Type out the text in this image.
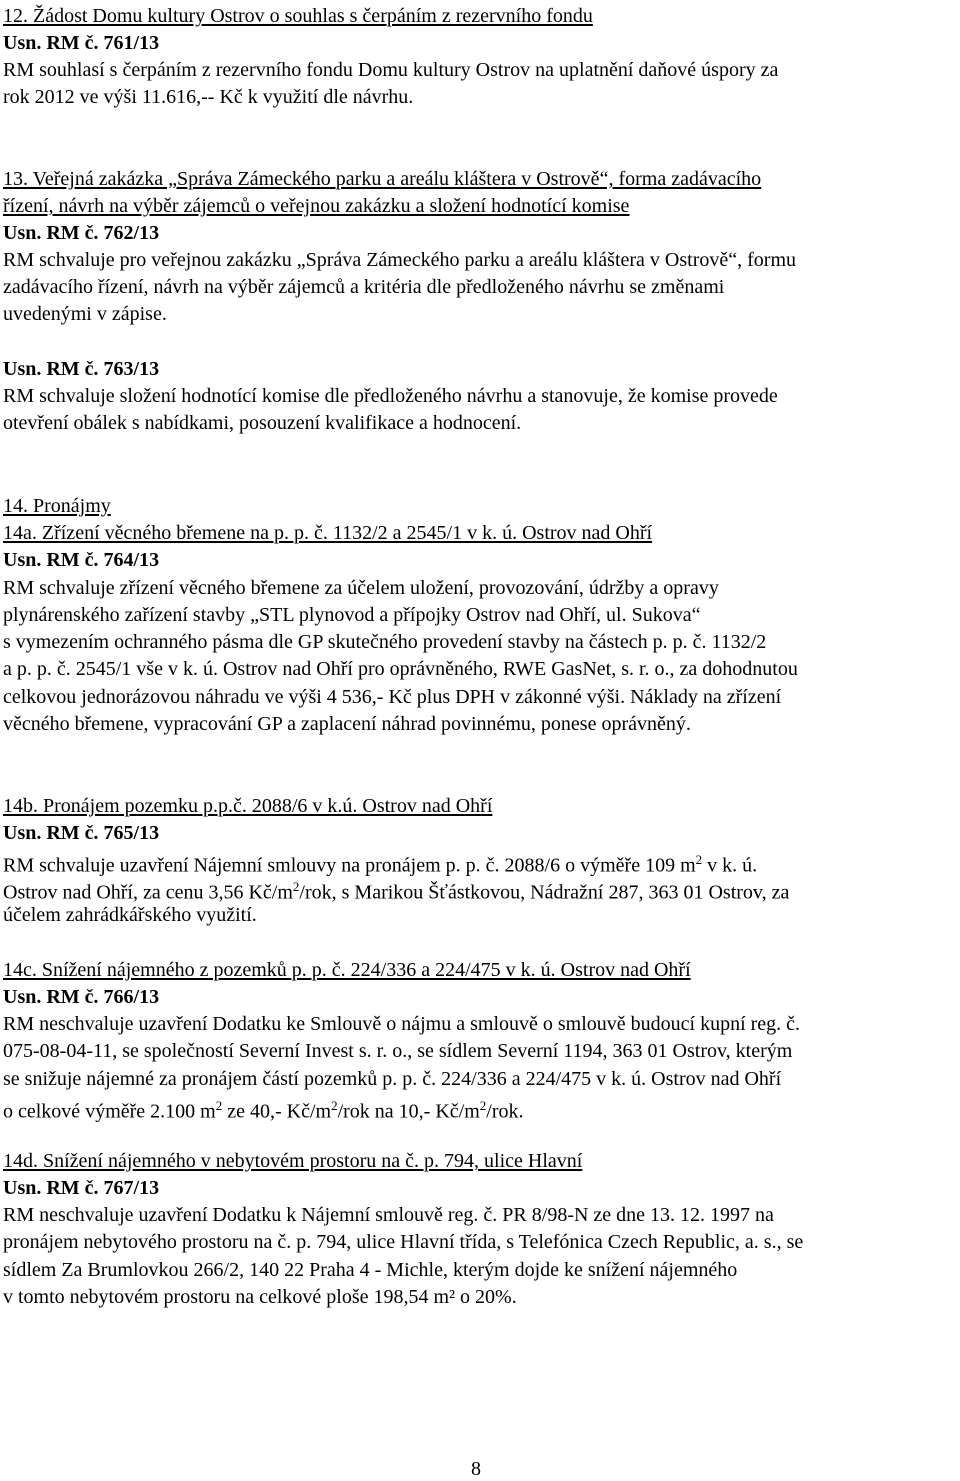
12. Žádost Domu kultury Ostrov o souhlas s čerpáním z rezervního fondu
Usn. RM č. 761/13
RM souhlasí s čerpáním z rezervního fondu Domu kultury Ostrov na uplatnění daňové úspory za
rok 2012 ve výši 11.616,-- Kč k využití dle návrhu.
13. Veřejná zakázka „Správa Zámeckého parku a areálu kláštera v Ostrově“, forma zadávacího
řízení, návrh na výběr zájemců o veřejnou zakázku a složení hodnotící komise
Usn. RM č. 762/13
RM schvaluje pro veřejnou zakázku „Správa Zámeckého parku a areálu kláštera v Ostrově“, formu
zadávacího řízení, návrh na výběr zájemců a kritéria dle předloženého návrhu se změnami
uvedenými v zápise.
Usn. RM č. 763/13
RM schvaluje složení hodnotící komise dle předloženého návrhu a stanovuje, že komise provede
otevření obálek s nabídkami, posouzení kvalifikace a hodnocení.
14. Pronájmy
14a. Zřízení věcného břemene na p. p. č. 1132/2 a 2545/1 v k. ú. Ostrov nad Ohří
Usn. RM č. 764/13
RM schvaluje zřízení věcného břemene za účelem uložení, provozování, údržby a opravy
plynárenského zařízení stavby „STL plynovod a přípojky Ostrov nad Ohří, ul. Sukova“
s vymezením ochranného pásma dle GP skutečného provedení stavby na částech p. p. č. 1132/2
a p. p. č. 2545/1 vše v k. ú. Ostrov nad Ohří pro oprávněného, RWE GasNet, s. r. o., za dohodnutou
celkovou jednorázovou náhradu ve výši 4 536,- Kč plus DPH v zákonné výši. Náklady na zřízení
věcného břemene, vypracování GP a zaplacení náhrad povinnému, ponese oprávněný.
14b. Pronájem pozemku p.p.č. 2088/6 v k.ú. Ostrov nad Ohří
Usn. RM č. 765/13
RM schvaluje uzavření Nájemní smlouvy na pronájem p. p. č. 2088/6 o výměře 109 $m^2$ v k. ú.
Ostrov nad Ohří, za cenu 3,56 $Kč/m^2$/rok, s Marikou Šťástkovou, Nádražní 287, 363 01 Ostrov, za
účelem zahrádkářského využití.
14c. Snížení nájemného z pozemků p. p. č. 224/336 a 224/475 v k. ú. Ostrov nad Ohří
Usn. RM č. 766/13
RM neschvaluje uzavření Dodatku ke Smlouvě o nájmu a smlouvě o smlouvě budoucí kupní reg. č.
075-08-04-11, se společností Severní Invest s. r. o., se sídlem Severní 1194, 363 01 Ostrov, kterým
se snižuje nájemné za pronájem částí pozemků p. p. č. 224/336 a 224/475 v k. ú. Ostrov nad Ohří
o celkové výměře 2.100 $m^2$ ze 40,- $Kč/m^2$/rok na 10,- $Kč/m^2$/rok.
14d. Snížení nájemného v nebytovém prostoru na č. p. 794, ulice Hlavní
Usn. RM č. 767/13
RM neschvaluje uzavření Dodatku k Nájemní smlouvě reg. č. PR 8/98-N ze dne 13. 12. 1997 na
pronájem nebytového prostoru na č. p. 794, ulice Hlavní třída, s Telefónica Czech Republic, a. s., se
sídlem Za Brumlovkou 266/2, 140 22 Praha 4 - Michle, kterým dojde ke snížení nájemného
v tomto nebytovém prostoru na celkové ploše 198,54 m² o 20%.
8
